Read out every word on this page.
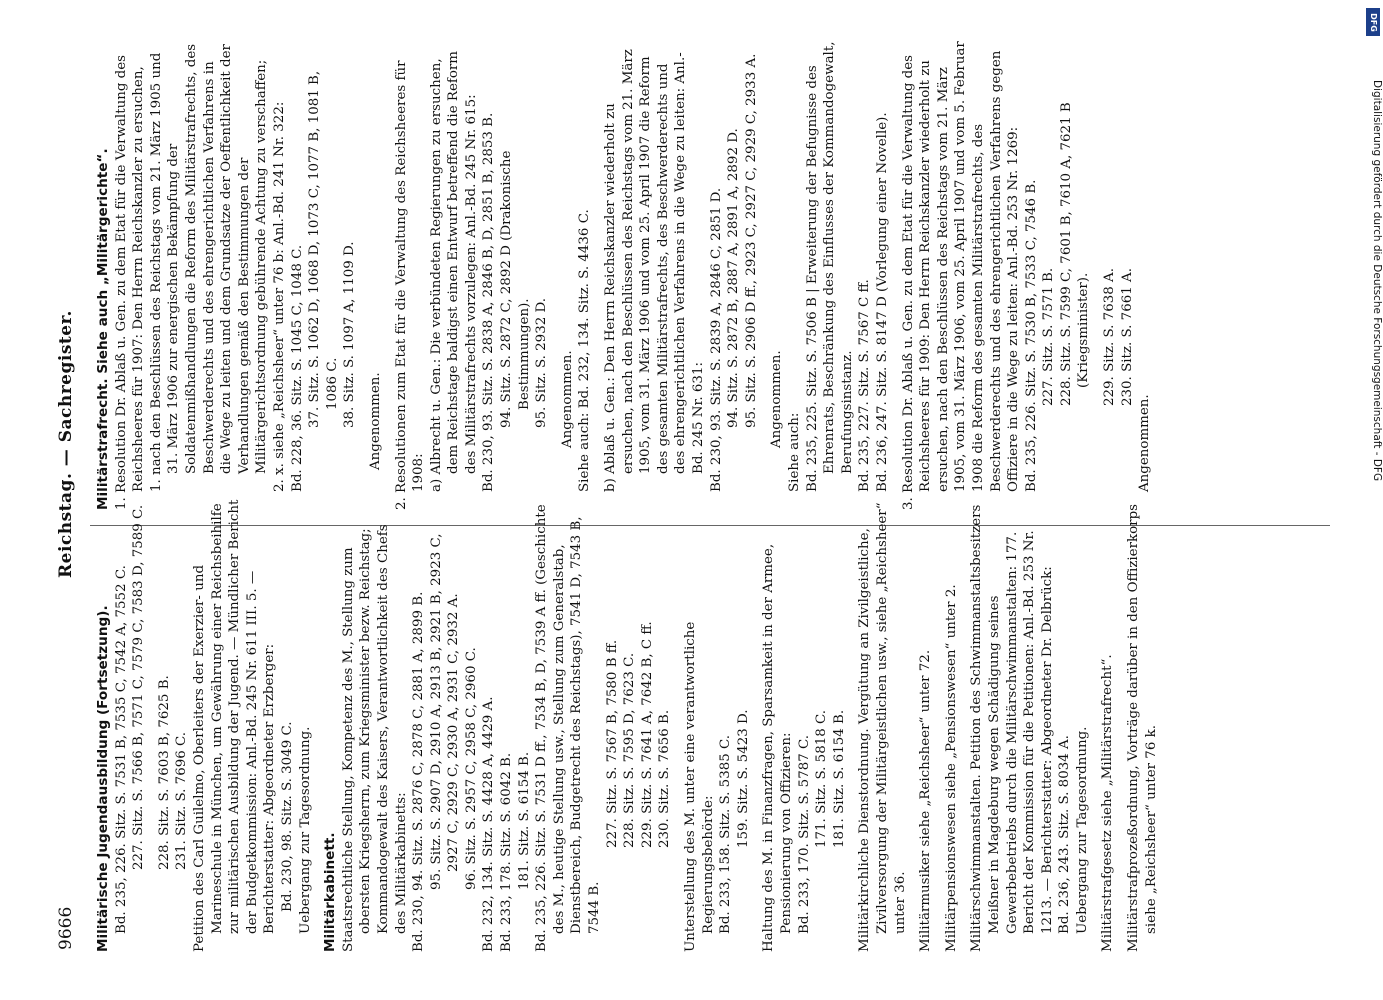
9666
Reichstag. — Sachregister.

Militärische Jugendausbildung (Fortsetzung). Bd. 235, 226. Sitz. S. 7531 B, 7535 C, 7542 A, 7552 C. 227. Sitz. S. 7566 B, 7571 C, 7579 C, 7583 D, 7589 C. 228. Sitz. S. 7603 B, 7625 B. 231. Sitz. S. 7696 C. Petition des Carl Guilelmo, Oberleiters der Exerzier- und Marineschule in München, um Gewährung einer Reichsbeihilfe zur militärischen Ausbildung der Jugend. — Mündlicher Bericht der Budgetkommission: Anl.-Bd. 245 Nr. 611 III. 5. — Berichterstatter: Abgeordneter Erzberger: Bd. 230, 98. Sitz. S. 3049 C. Uebergang zur Tagesordnung. Militärkabinett. Staatsrechtliche Stellung, Kompetenz des M., Stellung zum obersten Kriegsherrn, zum Kriegsminister bezw. Reichstag; Kommandogewalt des Kaisers, Verantwortlichkeit des Chefs des Militärkabinetts: Bd. 230, 94. Sitz. S. 2876 C, 2878 C, 2881 A, 2899 B. 95. Sitz. S. 2907 D, 2910 A, 2913 B, 2921 B, 2923 C, 2927 C, 2929 C, 2930 A, 2931 C, 2932 A. 96. Sitz. S. 2957 C, 2958 C, 2960 C. Bd. 232, 134. Sitz. S. 4428 A, 4429 A. Bd. 233, 178. Sitz. S. 6042 B. 181. Sitz. S. 6154 B. Bd. 235, 226. Sitz. S. 7531 D ff., 7534 B, D, 7539 A ff. (Geschichte des M., heutige Stellung usw., Stellung zum Generalstab, Dienstbereich, Budgetrecht des Reichstags), 7541 D, 7543 B, 7544 B.

227. Sitz. S. 7567 B, 7580 B ff. 228. Sitz. S. 7595 D, 7623 C. 229. Sitz. S. 7641 A, 7642 B, C ff. 230. Sitz. S. 7656 B. Unterstellung des M. unter eine verantwortliche Regierungsbehörde: Bd. 233, 158. Sitz. S. 5385 C. 159. Sitz. S. 5423 D. Haltung des M. in Finanzfragen, Sparsamkeit in der Armee, Pensionierung von Offizieren: Bd. 233, 170. Sitz. S. 5787 C. 171. Sitz. S. 5818 C. 181. Sitz. S. 6154 B. Militärkirchliche Dienstordnung. Vergütung an Zivilgeistliche, Zivilversorgung der Militärgeistlichen usw., siehe „Reichsheer“ unter 36. Militärmusiker siehe „Reichsheer“ unter 72. Militärpensionswesen siehe „Pensionswesen“ unter 2. Militärschwimmanstalten. Petition des Schwimmanstaltsbesitzers Meißner in Magdeburg wegen Schädigung seines Gewerbebetriebs durch die Militärschwimmanstalten: 177. Bericht der Kommission für die Petitionen: Anl.-Bd. 253 Nr. 1213. — Berichterstatter: Abgeordneter Dr. Delbrück: Bd. 236, 243. Sitz. S. 8034 A. Uebergang zur Tagesordnung. Militärstrafgesetz siehe „Militärstrafrecht“. Militärstrafprozeßordnung, Vorträge darüber in den Offizierkorps siehe „Reichsheer“ unter 76 k.

Militärstrafrecht. Siehe auch „Militärgerichte“. 1. Resolution Dr. Ablaß u. Gen. zu dem Etat für die Verwaltung des Reichsheeres für 1907: Den Herrn Reichskanzler zu ersuchen, 1. nach den Beschlüssen des Reichstags vom 21. März 1905 und 31. März 1906 zur energischen Bekämpfung der Soldatenmißhandlungen die Reform des Militärstrafrechts, des Beschwerderechts und des ehrengerichtlichen Verfahrens in die Wege zu leiten und dem Grundsatze der Oeffentlichkeit der Verhandlungen gemäß den Bestimmungen der Militärgerichtsordnung gebührende Achtung zu verschaffen; 2. x. siehe „Reichsheer“ unter 76 b: Anl.-Bd. 241 Nr. 322: Bd. 228, 36. Sitz. S. 1045 C, 1048 C. 37. Sitz. S. 1062 D, 1068 D, 1073 C, 1077 B, 1081 B, 1086 C. 38. Sitz. S. 1097 A, 1109 D. Angenommen. 2. Resolutionen zum Etat für die Verwaltung des Reichsheeres für 1908: a) Albrecht u. Gen.: Die verbündeten Regierungen zu ersuchen, dem Reichstage baldigst einen Entwurf betreffend die Reform des Militärstrafrechts vorzulegen: Anl.-Bd. 245 Nr. 615: Bd. 230, 93. Sitz. S. 2838 A, 2846 B, D, 2851 B, 2853 B. 94. Sitz. S. 2872 C, 2892 D (Drakonische Bestimmungen). 95. Sitz. S. 2932 D. Angenommen. Siehe auch: Bd. 232, 134. Sitz. S. 4436 C. b) Ablaß u. Gen.: Den Herrn Reichskanzler wiederholt zu ersuchen, nach den Beschlüssen des Reichstags vom 21. März 1905, vom 31. März 1906 und vom 25. April 1907 die Reform des gesamten Militärstrafrechts, des Beschwerderechts und des ehrengerichtlichen Verfahrens in die Wege zu leiten: Anl.-Bd. 245 Nr. 631: Bd. 230, 93. Sitz. S. 2839 A, 2846 C, 2851 D. 94. Sitz. S. 2872 B, 2887 A, 2891 A, 2892 D. 95. Sitz. S. 2906 D ff., 2923 C, 2927 C, 2929 C, 2933 A. Angenommen.

Siehe auch: Bd. 235, 225. Sitz. S. 7506 B | Erweiterung der Befugnisse des Ehrenrats, Beschränkung des Einflusses der Kommandogewalt, Berufungsinstanz. Bd. 235, 227. Sitz. S. 7567 C ff. Bd. 236, 247. Sitz. S. 8147 D (Vorlegung einer Novelle). 3. Resolution Dr. Ablaß u. Gen. zu dem Etat für die Verwaltung des Reichsheeres für 1909: Den Herrn Reichskanzler wiederholt zu ersuchen, nach den Beschlüssen des Reichstags vom 21. März 1905, vom 31. März 1906, vom 25. April 1907 und vom 5. Februar 1908 die Reform des gesamten Militärstrafrechts, des Beschwerderechts und des ehrengerichtlichen Verfahrens gegen Offiziere in die Wege zu leiten: Anl.-Bd. 253 Nr. 1269: Bd. 235, 226. Sitz. S. 7530 B, 7533 C, 7546 B. 227. Sitz. S. 7571 B. 228. Sitz. S. 7599 C, 7601 B, 7610 A, 7621 B (Kriegsminister). 229. Sitz. S. 7638 A. 230. Sitz. S. 7661 A.

Angenommen.

DFG
Digitalisierung gefördert durch die Deutsche Forschungsgemeinschaft - DFG
